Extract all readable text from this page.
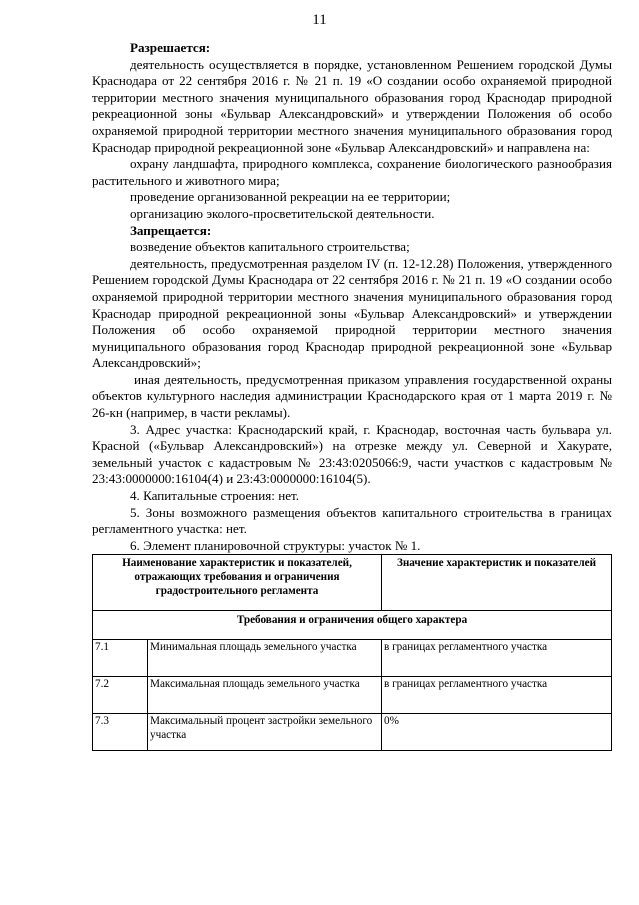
11

Разрешается:

деятельность осуществляется в порядке, установленном Решением городской Думы Краснодара от 22 сентября 2016 г. № 21 п. 19 «О создании особо охраняемой природной территории местного значения муниципального образования город Краснодар природной рекреационной зоны «Бульвар Александровский» и утверждении Положения об особо охраняемой природной территории местного значения муниципального образования город Краснодар природной рекреационной зоне «Бульвар Александровский» и направлена на:

охрану ландшафта, природного комплекса, сохранение биологического разнообразия растительного и животного мира;

проведение организованной рекреации на ее территории;

организацию эколого-просветительской деятельности.

Запрещается:

возведение объектов капитального строительства;

деятельность, предусмотренная разделом IV (п. 12-12.28) Положения, утвержденного Решением городской Думы Краснодара от 22 сентября 2016 г. № 21 п. 19 «О создании особо охраняемой природной территории местного значения муниципального образования город Краснодар природной рекреационной зоны «Бульвар Александровский» и утверждении Положения об особо охраняемой природной территории местного значения муниципального образования город Краснодар природной рекреационной зоне «Бульвар Александровский»;

иная деятельность, предусмотренная приказом управления государственной охраны объектов культурного наследия администрации Краснодарского края от 1 марта 2019 г. № 26-кн (например, в части рекламы).

3. Адрес участка: Краснодарский край, г. Краснодар, восточная часть бульвара ул. Красной («Бульвар Александровский») на отрезке между ул. Северной и Хакурате, земельный участок с кадастровым № 23:43:0205066:9, части участков с кадастровым № 23:43:0000000:16104(4) и 23:43:0000000:16104(5).

4. Капитальные строения: нет.

5. Зоны возможного размещения объектов капитального строительства в границах регламентного участка: нет.

6. Элемент планировочной структуры: участок № 1.

Наименование характеристик и показателей, отражающих требования и ограничения градостроительного регламента		Значение характеристик и показателей
Требования и ограничения общего характера		
7.1	Минимальная площадь земельного участка	в границах регламентного участка
7.2	Максимальная площадь земельного участка	в границах регламентного участка
7.3	Максимальный процент застройки земельного участка	0%
